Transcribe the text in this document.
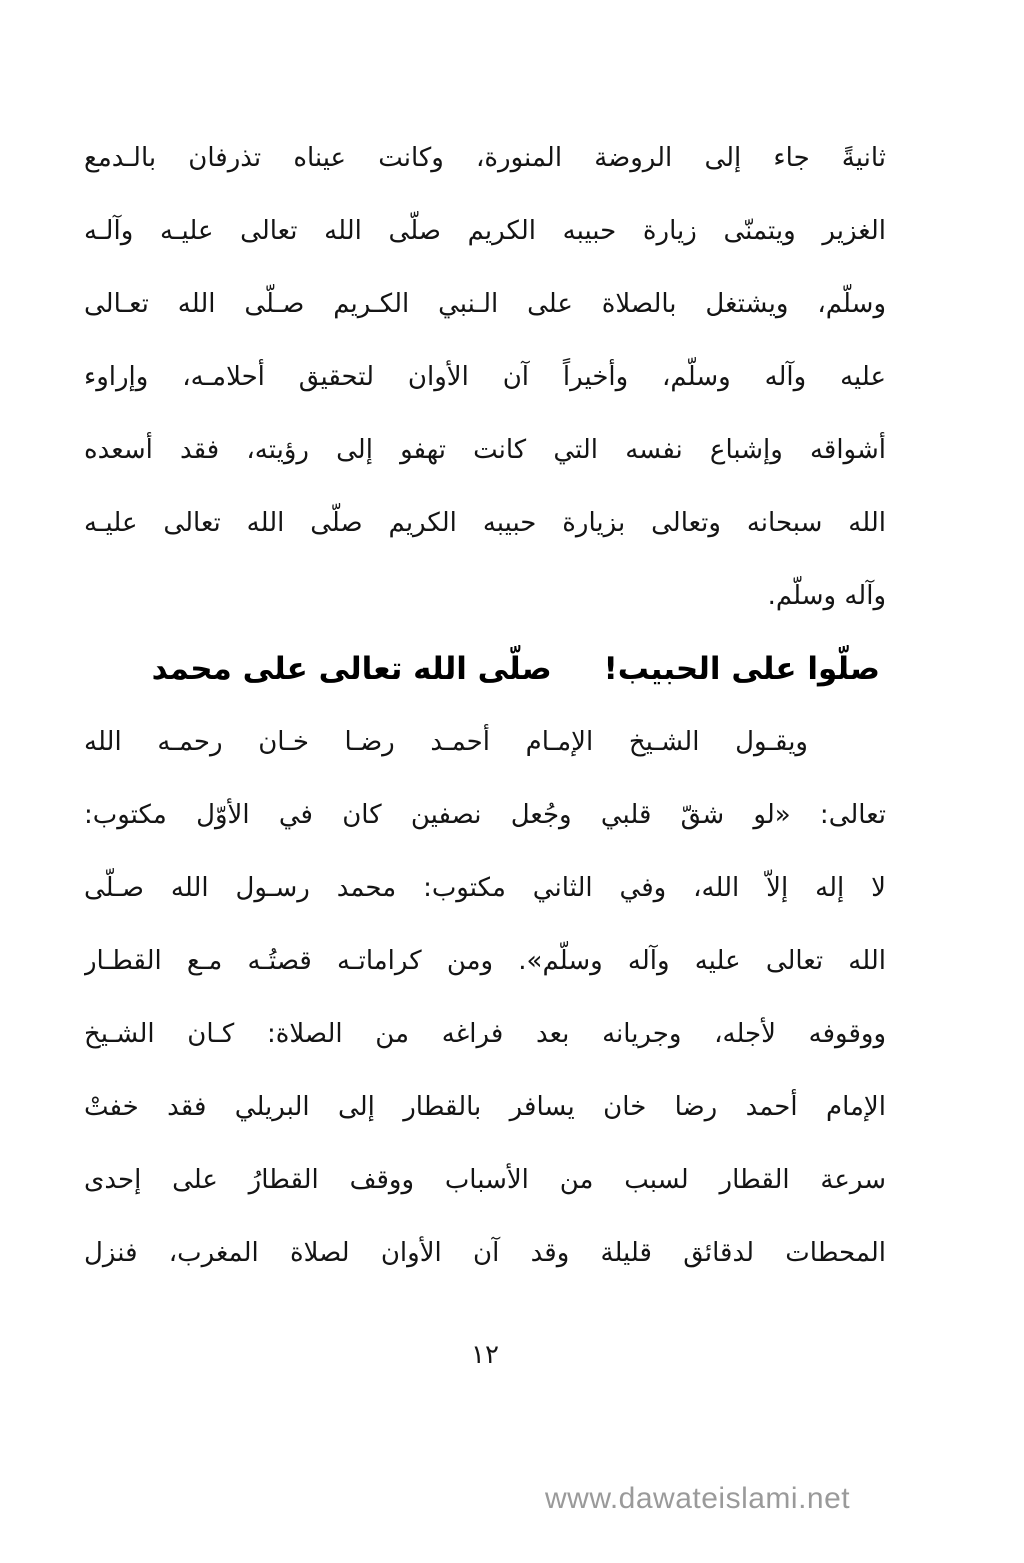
ثانيةً جاء إلى الروضة المنورة، وكانت عيناه تذرفان بالـدمع
الغزير ويتمنّى زيارة حبيبه الكريم صلّى الله تعالى عليـه وآلـه
وسلّم، ويشتغل بالصلاة على الـنبي الكـريم صـلّى الله تعـالى
عليه وآله وسلّم، وأخيراً آن الأوان لتحقيق أحلامـه، وإراوء
أشواقه وإشباع نفسه التي كانت تهفو إلى رؤيته، فقد أسعده
الله سبحانه وتعالى بزيارة حبيبه الكريم صلّى الله تعالى عليـه
وآله وسلّم.
صلّوا على الحبيب!
صلّى الله تعالى على محمد
ويقـول الشـيخ الإمـام أحمـد رضـا خـان رحمـه الله
تعالى: «لو شقّ قلبي وجُعل نصفين كان في الأوّل مكتوب:
لا إله إلاّ الله، وفي الثاني مكتوب: محمد رسـول الله صـلّى
الله تعالى عليه وآله وسلّم». ومن كراماتـه قصتُـه مـع القطـار
ووقوفه لأجله، وجريانه بعد فراغه من الصلاة: كـان الشـيخ
الإمام أحمد رضا خان يسافر بالقطار إلى البريلي فقد خفتْ
سرعة القطار لسبب من الأسباب ووقف القطارُ على إحدى
المحطات لدقائق قليلة وقد آن الأوان لصلاة المغرب، فنزل
١٢
www.dawateislami.net
